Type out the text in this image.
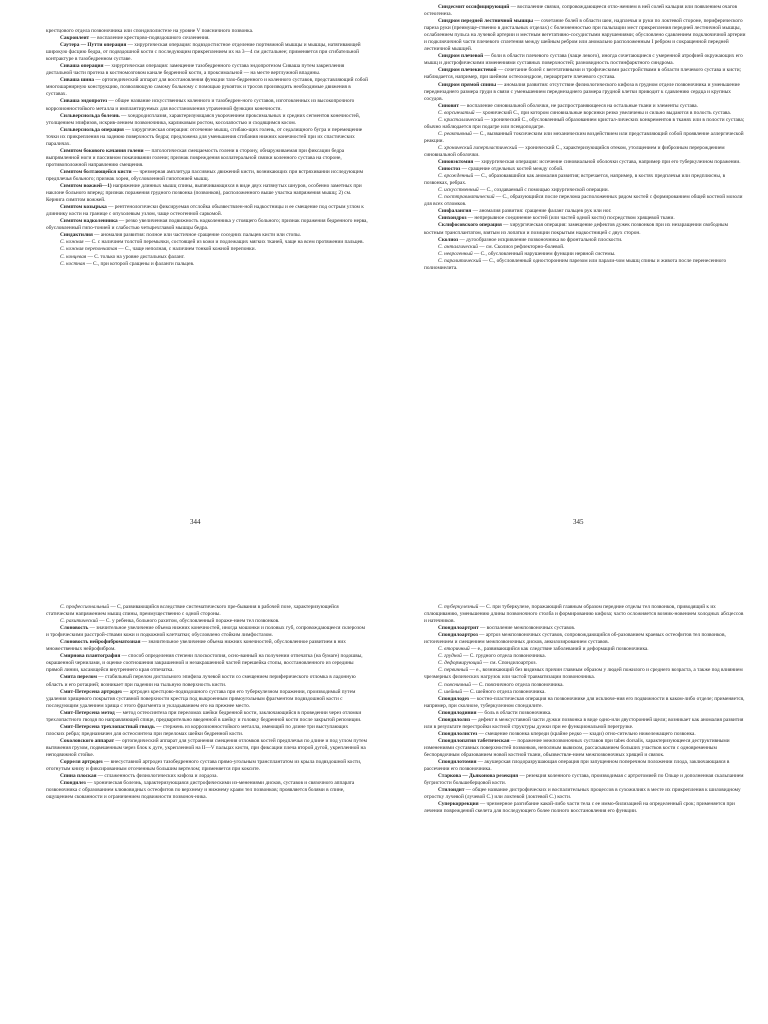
крестцового отдела позвоночника или спондилолистезе на уровне V поясничного позвонка.

Сакроилеит — воспаление крестцово-подвздошного сочленения.

Саутера — Путти операция — хирургическая операция: подвздостистное отделение портняжной мышцы и мышцы, натягивающей широкую фасцию бедра, от подвздошной кости с последующим прикреплением их на 3—4 см дистальнее; применяется при сгибательной контрактуре в тазобедренном суставе.

Сиваша операция — хирургическая операция: замещение тазобедренного сустава эндопротезом Сиваша путем закрепления дистальной части протеза в костномозговом канале бедренной кости, а проксимальной — на месте вертлужной впадины.

Сиваша шина — ортопедический аппарат для восстановления функции тазо-бедренного и коленного суставов, представляющий собой многошарнирную конструкцию, позволяющую самому больному с помощью рукояток и тросов производить необходимые движения в суставах.

Сиваша эндопротез — общее название искусственных коленного и тазобедрен-ного суставов, изготовленных из высокопрочного коррозионностойкого металла и имплантируемых для восстановления утраченной функции конечности.

Сильверсиольда болезнь — хондродисплазия, характеризующаяся укорочением проксимальных и средних сегментов конечностей, утолщением эпифизов, искрив-лением позвоночника, карликовым ростом, косолапостью и сходящимся косом.

Сильверсиольда операция — хирургическая операция: отсечение мышц, сгибаю-щих голень, от седалищного бугра и перемещение точки их прикрепления на заднюю поверхность бедра; предложена для уменьшения сгибания нижних конечностей при их спастических параличах.

Симптом бокового качания голени — патологическая смещаемость голени в сторону, обнаруживаемая при фиксации бедра выпрямленной ноги и пассивном покачивании голени; признак повреждения коллатеральной связки коленного сустава на стороне, противоположной направлению смещения.

Симптом болтающейся кисти — чрезмерная амплитуда пассивных движений кисти, возникающих при встряхивании исследующим предплечья больного; признак хорея, обусловленной гипотонией мышц.

Симптом вожжей—1) напряжение длинных мышц спины, выпячивающихся в виде двух натянутых шнуров, особенно заметных при наклоне больного вперед; признак поражения грудного позвонка (позвонков), расположенного выше участка напряжения мышц; 2) см. Кернига симптом вожжей.

Симптом козырька — рентгенологически фиксируемая отслойка обызвествлен-ной надкостницы и ее смещение под острым углом к длиннику кости на границе с опухолевым узлом, чаще остеогенной саркомой.

Симптом надколенника — резко увеличенная подвижность надколенника у стоящего больного; признак поражения бедренного нерва, обусловленный гипо-тонией и слабостью четырехглавой мышцы бедра.

Синдактилия — аномалия развития: полное или частичное сращение соседних пальцев кисти или стопы.

С. кожная — С. с наличием толстой перемычки, состоящей из кожи и подлежащих мягких тканей, чаще на всем протяжении пальцев.

С. кожная перепончатая — С., чаще неполная, с наличием тонкой кожной перепонки.

С. концевая — С. только на уровне дистальных фаланг.

С. костная — С., при которой сращены и фаланги пальцев.

344

Синдесмит оссифицирующий — воспаление связки, сопровождающееся отло-жением в ней солей кальция или появлением очагов остеогенеза.

Синдром передней лестничной мышцы — сочетание болей в области шеи, надплечья и руки по локтевой стороне, периферического пареза руки (преимуще-ственно в дистальных отделах) с болезненностью при пальпации мест прикрепления передней лестничной мышцы, ослаблением пульса на лучевой артерии и местным вегетативно-сосудистыми нарушениями; обусловлено сдавлением подключичной артерии и подключичной части плечевого сплетения между шейным ребром или аномально расположенным I ребром и сокращенной передней лестничной мышцей.

Синдром плечевой — боли в области плечевого сустава (чаще левого), иногда сочетающиеся с умеренной атрофией окружающих его мышц и дистрофическими изменениями суставных поверхностей; разновидность постинфарктного синдрома.

Синдром плечекистевой — сочетание болей с вегетативными и трофическими расстройствами в области плечевого сустава и кисти; наблюдается, например, при шейном остеохондрозе, периартрите плечевого сустава.

Синдром прямой спины — аномалия развития: отсутствие физиологического кифоза в грудном отделе позвоночника и уменьшение переднезаднего размера груди в связи с уменьшением переднезаднего размера грудной клетки приводит к сдавлению сердца и крупных сосудов.

Синовит — воспаление синовиальной оболочки, не распространяющееся на остальные ткани и элементы сустава.

С. ворсинчатый — хронический С., при котором синовиальные ворсинки резко увеличены и сильно выдаются в полость сустава.

С. кристаллический — хронический С., обусловленный образованием кристал-лических конкрементов в тканях или в полости сустава; обычно наблюдается при подагре или псевдоподагре.

С. реактивный — С., вызванный токсическим или механическим воздействием или представляющий собой проявление аллергической реакции.

С. хронический гиперпластический — хронический С., характеризующийся отеком, утолщением и фиброзным перерождением синовиальной оболочки.

Синовэктомия — хирургическая операция: иссечение синовиальной оболочки сустава, например при его туберкулезном поражении.

Синостоз — сращение отдельных костей между собой.

С. врожденный — С., образовавшийся как аномалия развития; встречается, например, в костях предплечья или предплюсны, в позвонках, ребрах.

С. искусственный — С., создаваемый с помощью хирургической операции.

С. посттравматический — С., образующийся после перелома расположенных рядом костей с формированием общей костной мозоли для всех отломков.

Синфалангия — аномалия развития: сращение фаланг пальцев рук или ног.

Синхондроз — непрерывное соединение костей (или частей одной кости) посредством хрящевой ткани.

Склифосовского операция — хирургическая операция: замещение дефектов дужек позвонков при их незаращении свободным костным трансплантатом, взятым из лопатки и позиции покрытым надкостницей с двух сторон.

Сколиоз — дугообразное искривление позвоночника во фронтальной плоскости.

С. анталгический — см. Сколиоз рефлекторно-болевой.

С. неврогенный — С., обусловленный нарушением функции нервной системы.

С. паралитический — С., обусловленный односторонним парезом или парали-чом мышц спины и живота после перенесенного полиомиелита.

345

С. профессиональный — С, развивающийся вследствие систематического пре-бывания в рабочей позе, характеризующейся статическим напряжением мышц спины, преимущественно с одной стороны.

С. рахитический — С. у ребенка, больного рахитом, обусловленный пораже-нием тел позвонков.

Слоновость — значительное увеличение объема нижних конечностей, иногда мошонки и половых губ, сопровождающееся склерозом и трофическими расстрой-ствами кожи и подкожной клетчатки; обусловлено стойким лимфостазом.

Слоновость нейрофиброматозная — значительное увеличение объема нижних конечностей, обусловленное развитием в них множественных нейрофибром.

Смирнова плантография — способ определения степени плоскостопия, осно-ванный на получении отпечатка (на бумаге) подошвы, окрашенной чернилами, и оценке соотношения закрашенной и незакрашенной частей перешейка стопы, восстановленного из середины прямой линии, касающейся внутреннего края отпечатка.

Смита перелом — стабильный перелом дистального эпифиза лучевой кости со смещением периферического отломка в ладонную область и его ротацией; возникает при падении на тыльную поверхность кисти.

Смит-Петерсена артродез — артродез крестцово-подвздошного сустава при его туберкулезном поражении, производимый путем удаления хрящевого покрытия суставной поверхности крестца под выкроенным прямоугольным фрагментом подвздошной кости с последующим удалением хряща с этого фрагмента и укладыванием его на прежнее место.

Смит-Петерсена метод — метод остеосинтеза при переломах шейки бедренной кости, заключающийся в проведении через отломки трехлопастного гвоздя по направляющей спице, предварительно введенной в шейку и головку бедренной кости после закрытой репозиции.

Смит-Петерсена трехлопастный гвоздь — стержень из коррозионностойкого металла, имеющий по длине три выступающих плоских ребра; предназначен для остеосинтеза при переломах шейки бедренной кости.

Соколовского аппарат — ортопедический аппарат для устранения смещения отломков костей предплечья по длине и под углом путем вытяжения грузом, подвешенным через блок к дуге, укрепленной на II—V пальцах кисти, при фиксации плеча второй дугой, укрепленной на неподвижной стойке.

Сорреля артродез — внесуставной артродез тазобедренного сустава прямо-угольным трансплантатом из крыла подвздошной кости, отогнутым книзу и фиксированным отсеченным большим вертелом; применяется при коксите.

Спина плоская — сглаженность физиологических кифоза и лордоза.

Спондилез — хроническая болезнь, характеризующаяся дистрофическими из-менениями дисков, суставов и связочного аппарата позвоночника с образованием клювовидных остеофитов по верхнему и нижнему краям тел позвонков; проявляется болями в спине, ощущением скованности и ограничением подвижности позвоноч-ника.

С. туберкулезный — С. при туберкулезе, поражающий главным образом передние отделы тел позвонков, приводящий к их сплющиванию, уменьшению длины позвоночного столба и формированию кифоза; часто осложняется возник-новением холодных абсцессов и натечников.

Спондилоартрит — воспаление межпозвоночных суставов.

Спондилоартроз — артроз межпозвоночных суставов, сопровождающийся об-разованием краевых остеофитов тел позвонков, истончением и смещением межпозвоночных дисков, анкилозированием суставов.

С. вторичный — е., развивающийся как следствие заболеваний и деформаций позвоночника.

С. грудной — С. грудного отдела позвоночника.

С. деформирующий — см. Спондилоартроз.

С. первичный — е., возникающий без видимых причин главным образом у людей пожилого и среднего возраста, а также под влиянием чрезмерных физических нагрузок или частой травматизации позвоночника.

С. поясничный — С. поясничного отдела позвоночника.

С. шейный — С. шейного отдела позвоночника.

Спондилодез — костно-пластическая операция на позвоночнике для исключе-ния его подвижности в каком-либо отделе; применяется, например, при сколиозе, туберкулезном спондилите.

Спондилодиния — боль в области позвоночника.

Спондилолиз — дефект в межсуставной части дужки позвонка в виде одно-или двусторонней щели; возникает как аномалия развития или в результате перестройки костной структуры дужки при ее функциональной перегрузке.

Спондилолистез — смещение позвонка кпереди (крайне редко — кзади) отно-сительно нижележащего позвонка.

Спондилопатия табетическая — поражение межпозвоночных суставов при tabes dorsalis, характеризующееся деструктивными изменениями суставных поверхностей позвонков, неполным вывихом, рассасыванием больших участков кости с одновременным беспорядочным образованием новой костной ткани, обызвествле-нием межпозвоночных хрящей и связок.

Спондилотомия — акушерская плодоразрушающая операция при запущенном поперечном положении плода, заключающаяся в рассечении его позвоночника.

Старкова — Дьяконова резекция — резекция коленного сустава, производимая с артротомией по Ольце и дополненная скальпанием бугристости большеберцовой кости.

Стилоидит — общее название дистрофических и воспалительных процессов в сухожилиях в месте их прикрепления к шиловидному отростку лучевой (лучевой С.) или локтевой (локтевой С.) кости.

Суперкоррекция — чрезмерное разгибание какой-либо части тела с ее иммо-билизацией на определенный срок; применяется при лечении повреждений скелета для последующего более полного восстановления его функции.
